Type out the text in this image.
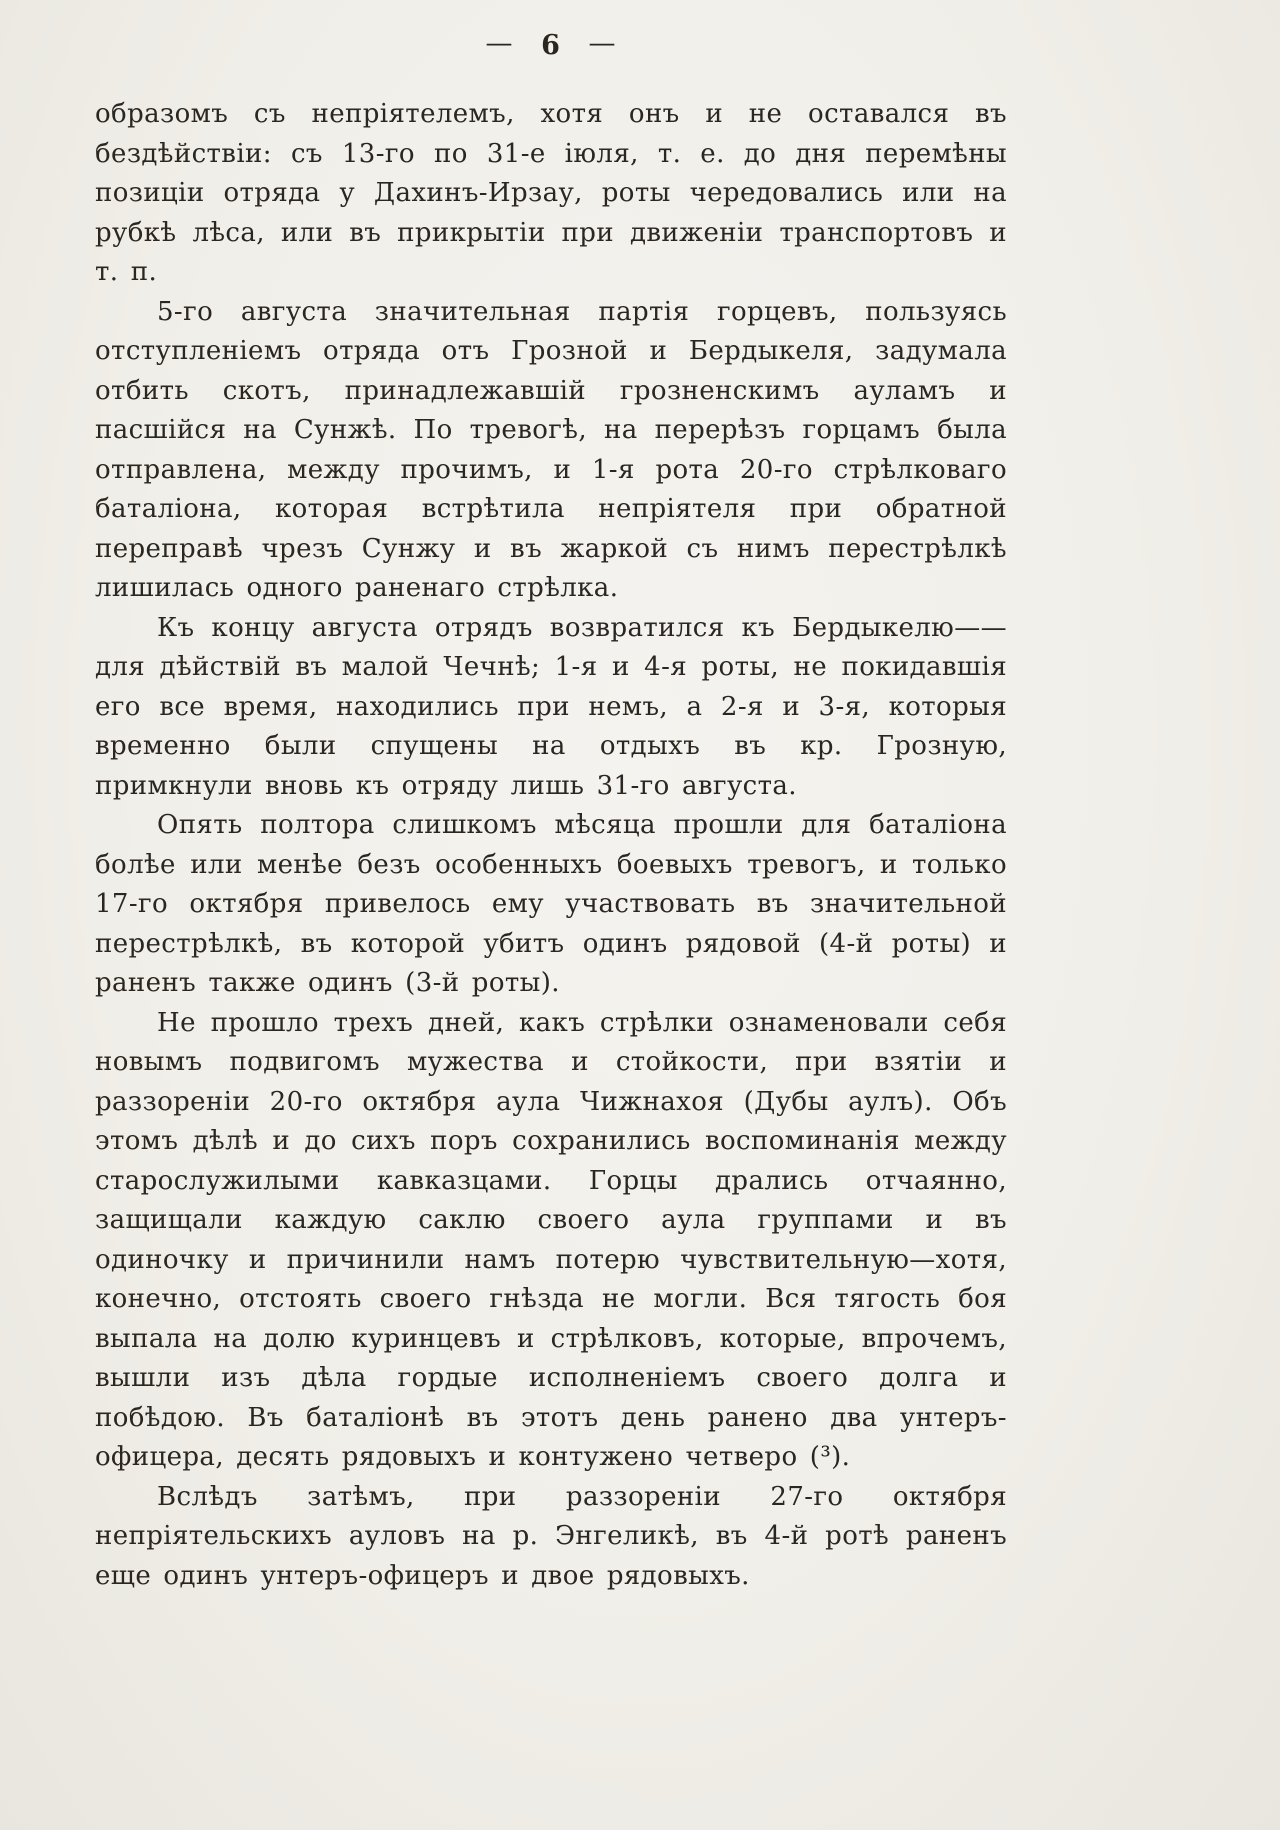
— 6 —

образомъ съ непріятелемъ, хотя онъ и не оставался въ бездѣйствіи: съ 13-го по 31-е іюля, т. е. до дня перемѣны позиціи отряда у Дахинъ-Ирзау, роты чередовались или на рубкѣ лѣса, или въ прикрытіи при движеніи транспортовъ и т. п.

5-го августа значительная партія горцевъ, пользуясь отступленіемъ отряда отъ Грозной и Бердыкеля, задумала отбить скотъ, принадлежавшій грозненскимъ ауламъ и пасшійся на Сунжѣ. По тревогѣ, на перерѣзъ горцамъ была отправлена, между прочимъ, и 1-я рота 20-го стрѣлковаго баталіона, которая встрѣтила непріятеля при обратной переправѣ чрезъ Сунжу и въ жаркой съ нимъ перестрѣлкѣ лишилась одного раненаго стрѣлка.

Къ концу августа отрядъ возвратился къ Бердыкелю——для дѣйствій въ малой Чечнѣ; 1-я и 4-я роты, не покидавшія его все время, находились при немъ, а 2-я и 3-я, которыя временно были спущены на отдыхъ въ кр. Грозную, примкнули вновь къ отряду лишь 31-го августа.

Опять полтора слишкомъ мѣсяца прошли для баталіона болѣе или менѣе безъ особенныхъ боевыхъ тревогъ, и только 17-го октября привелось ему участвовать въ значительной перестрѣлкѣ, въ которой убитъ одинъ рядовой (4-й роты) и раненъ также одинъ (3-й роты).

Не прошло трехъ дней, какъ стрѣлки ознаменовали себя новымъ подвигомъ мужества и стойкости, при взятіи и раззореніи 20-го октября аула Чижнахоя (Дубы аулъ). Объ этомъ дѣлѣ и до сихъ поръ сохранились воспоминанія между старослужилыми кавказцами. Горцы дрались отчаянно, защищали каждую саклю своего аула группами и въ одиночку и причинили намъ потерю чувствительную—хотя, конечно, отстоять своего гнѣзда не могли. Вся тягость боя выпала на долю куринцевъ и стрѣлковъ, которые, впрочемъ, вышли изъ дѣла гордые исполненіемъ своего долга и побѣдою. Въ баталіонѣ въ этотъ день ранено два унтеръ-офицера, десять рядовыхъ и контужено четверо (³).

Вслѣдъ затѣмъ, при раззореніи 27-го октября непріятельскихъ ауловъ на р. Энгеликѣ, въ 4-й ротѣ раненъ еще одинъ унтеръ-офицеръ и двое рядовыхъ.
